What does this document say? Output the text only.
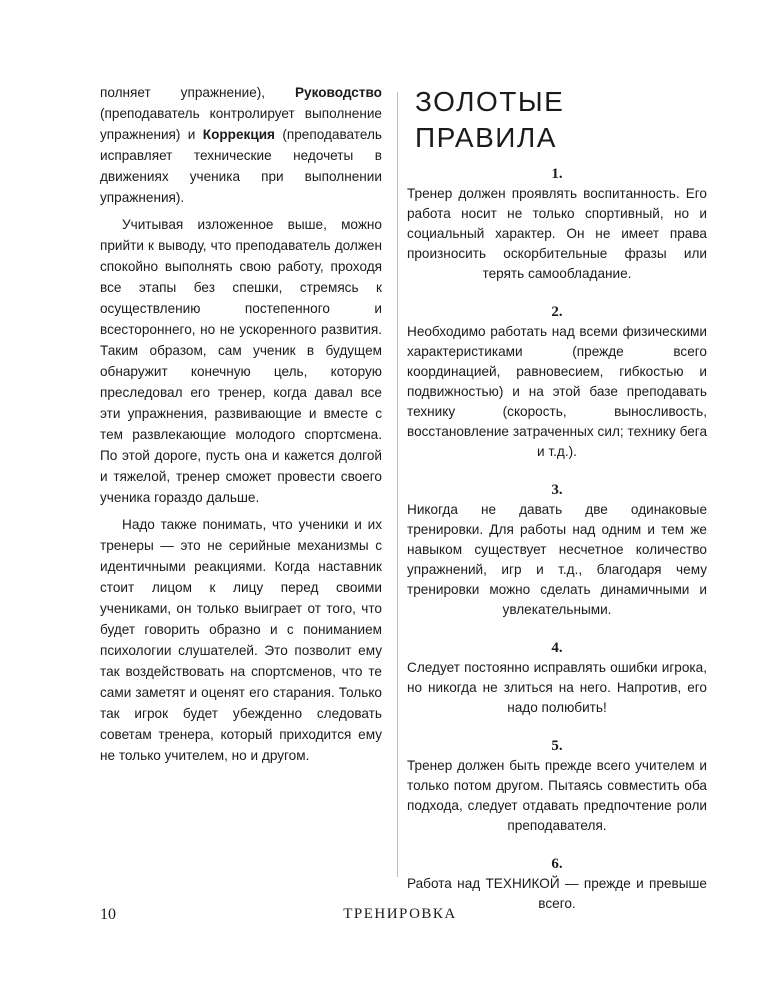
полняет упражнение), Руководство (преподаватель контролирует выполнение упражнения) и Коррекция (преподаватель исправляет технические недочеты в движениях ученика при выполнении упражнения).

Учитывая изложенное выше, можно прийти к выводу, что преподаватель должен спокойно выполнять свою работу, проходя все этапы без спешки, стремясь к осуществлению постепенного и всестороннего, но не ускоренного развития. Таким образом, сам ученик в будущем обнаружит конечную цель, которую преследовал его тренер, когда давал все эти упражнения, развивающие и вместе с тем развлекающие молодого спортсмена. По этой дороге, пусть она и кажется долгой и тяжелой, тренер сможет провести своего ученика гораздо дальше.

Надо также понимать, что ученики и их тренеры — это не серийные механизмы с идентичными реакциями. Когда наставник стоит лицом к лицу перед своими учениками, он только выиграет от того, что будет говорить образно и с пониманием психологии слушателей. Это позволит ему так воздействовать на спортсменов, что те сами заметят и оценят его старания. Только так игрок будет убежденно следовать советам тренера, который приходится ему не только учителем, но и другом.

ЗОЛОТЫЕ ПРАВИЛА
1.
Тренер должен проявлять воспитанность. Его работа носит не только спортивный, но и социальный характер. Он не имеет права произносить оскорбительные фразы или терять самообладание.
2.
Необходимо работать над всеми физическими характеристиками (прежде всего координацией, равновесием, гибкостью и подвижностью) и на этой базе преподавать технику (скорость, выносливость, восстановление затраченных сил; технику бега и т.д.).
3.
Никогда не давать две одинаковые тренировки. Для работы над одним и тем же навыком существует несчетное количество упражнений, игр и т.д., благодаря чему тренировки можно сделать динамичными и увлекательными.
4.
Следует постоянно исправлять ошибки игрока, но никогда не злиться на него. Напротив, его надо полюбить!
5.
Тренер должен быть прежде всего учителем и только потом другом. Пытаясь совместить оба подхода, следует отдавать предпочтение роли преподавателя.
6.
Работа над ТЕХНИКОЙ — прежде и превыше всего.
10	ТРЕНИРОВКА
